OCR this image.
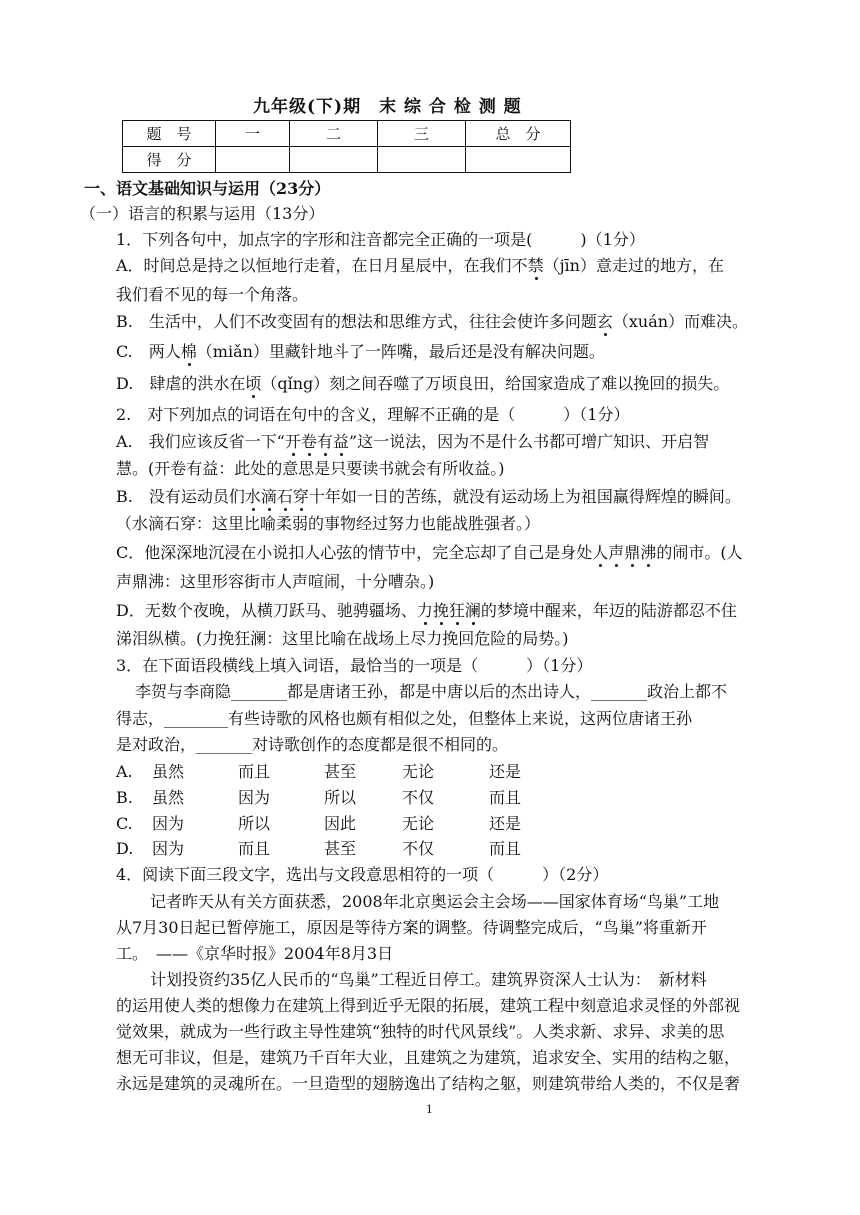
九年级(下)期　末 综 合 检 测 题
题　号	一	二	三	总　分
得　分				
一、语文基础知识与运用（23分）
（一）语言的积累与运用（13分）
1．下列各句中，加点字的字形和注音都完全正确的一项是(　　　)（1分）
A．时间总是持之以恒地行走着，在日月星辰中，在我们不禁（jīn）意走过的地方，在
我们看不见的每一个角落。
B.　生活中，人们不改变固有的想法和思维方式，往往会使许多问题玄（xuán）而难决。
C.　两人棉（miǎn）里藏针地斗了一阵嘴，最后还是没有解决问题。
D.　肆虐的洪水在顷（qǐng）刻之间吞噬了万顷良田，给国家造成了难以挽回的损失。
2.　对下列加点的词语在句中的含义，理解不正确的是（　　　）（1分）
A.　我们应该反省一下“开卷有益”这一说法，因为不是什么书都可增广知识、开启智
慧。(开卷有益：此处的意思是只要读书就会有所收益。)
B.　没有运动员们水滴石穿十年如一日的苦练，就没有运动场上为祖国赢得辉煌的瞬间。
（水滴石穿：这里比喻柔弱的事物经过努力也能战胜强者。）
C．他深深地沉浸在小说扣人心弦的情节中，完全忘却了自己是身处人声鼎沸的闹市。(人
声鼎沸：这里形容街市人声喧闹，十分嘈杂。)
D．无数个夜晚，从横刀跃马、驰骋疆场、力挽狂澜的梦境中醒来，年迈的陆游都忍不住
涕泪纵横。(力挽狂澜：这里比喻在战场上尽力挽回危险的局势。)
3．在下面语段横线上填入词语，最恰当的一项是（　　　）（1分）
李贺与李商隐_______都是唐诸王孙，都是中唐以后的杰出诗人，_______政治上都不
得志，________有些诗歌的风格也颇有相似之处，但整体上来说，这两位唐诸王孙
是对政治，_______对诗歌创作的态度都是很不相同的。
A. 虽然	而且	甚至	无论	还是
B. 虽然	因为	所以	不仅	而且
C. 因为	所以	因此	无论	还是
D. 因为	而且	甚至	不仅	而且
4．阅读下面三段文字，选出与文段意思相符的一项（　　　）（2分）
记者昨天从有关方面获悉，2008年北京奥运会主会场——国家体育场“鸟巢”工地
从7月30日起已暂停施工，原因是等待方案的调整。待调整完成后，“鸟巢”将重新开
工。　——《京华时报》2004年8月3日
计划投资约35亿人民币的“鸟巢”工程近日停工。建筑界资深人士认为：　新材料
的运用使人类的想像力在建筑上得到近乎无限的拓展，建筑工程中刻意追求灵怪的外部视
觉效果，就成为一些行政主导性建筑“独特的时代风景线”。人类求新、求异、求美的思
想无可非议，但是，建筑乃千百年大业，且建筑之为建筑，追求安全、实用的结构之躯，
永远是建筑的灵魂所在。一旦造型的翅膀逸出了结构之躯，则建筑带给人类的，不仅是奢
1
